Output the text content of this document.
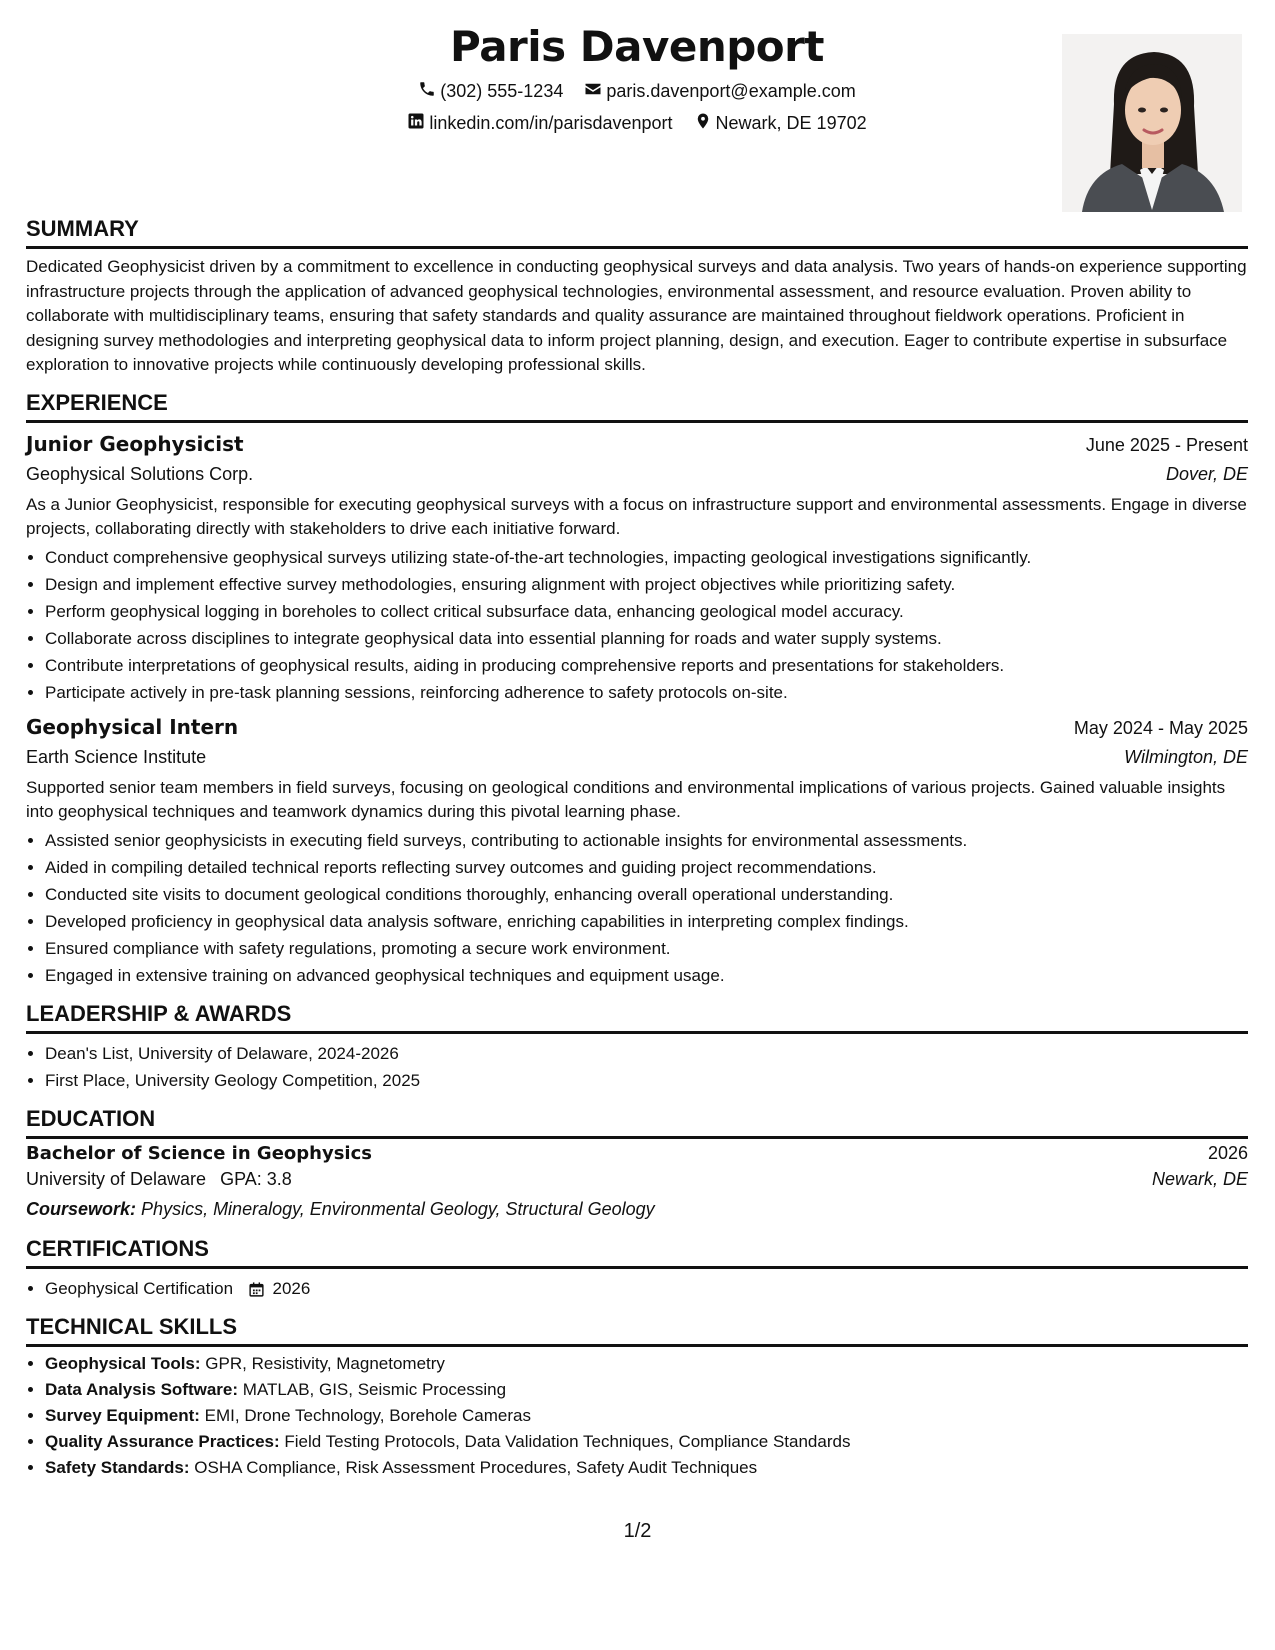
Paris Davenport
(302) 555-1234
paris.davenport@example.com
linkedin.com/in/parisdavenport
Newark, DE 19702
SUMMARY

Dedicated Geophysicist driven by a commitment to excellence in conducting geophysical surveys and data analysis. Two years of hands-on experience supporting infrastructure projects through the application of advanced geophysical technologies, environmental assessment, and resource evaluation. Proven ability to collaborate with multidisciplinary teams, ensuring that safety standards and quality assurance are maintained throughout fieldwork operations. Proficient in designing survey methodologies and interpreting geophysical data to inform project planning, design, and execution. Eager to contribute expertise in subsurface exploration to innovative projects while continuously developing professional skills.

EXPERIENCE
Junior Geophysicist	June 2025 - Present
Geophysical Solutions Corp.	Dover, DE

As a Junior Geophysicist, responsible for executing geophysical surveys with a focus on infrastructure support and environmental assessments. Engage in diverse projects, collaborating directly with stakeholders to drive each initiative forward.

• Conduct comprehensive geophysical surveys utilizing state-of-the-art technologies, impacting geological investigations significantly.
• Design and implement effective survey methodologies, ensuring alignment with project objectives while prioritizing safety.
• Perform geophysical logging in boreholes to collect critical subsurface data, enhancing geological model accuracy.
• Collaborate across disciplines to integrate geophysical data into essential planning for roads and water supply systems.
• Contribute interpretations of geophysical results, aiding in producing comprehensive reports and presentations for stakeholders.
• Participate actively in pre-task planning sessions, reinforcing adherence to safety protocols on-site.
Geophysical Intern	May 2024 - May 2025
Earth Science Institute	Wilmington, DE

Supported senior team members in field surveys, focusing on geological conditions and environmental implications of various projects. Gained valuable insights into geophysical techniques and teamwork dynamics during this pivotal learning phase.

• Assisted senior geophysicists in executing field surveys, contributing to actionable insights for environmental assessments.
• Aided in compiling detailed technical reports reflecting survey outcomes and guiding project recommendations.
• Conducted site visits to document geological conditions thoroughly, enhancing overall operational understanding.
• Developed proficiency in geophysical data analysis software, enriching capabilities in interpreting complex findings.
• Ensured compliance with safety regulations, promoting a secure work environment.
• Engaged in extensive training on advanced geophysical techniques and equipment usage.
LEADERSHIP & AWARDS
• Dean's List, University of Delaware, 2024-2026
• First Place, University Geology Competition, 2025
EDUCATION
Bachelor of Science in Geophysics	2026
University of Delaware GPA: 3.8	Newark, DE
Coursework: Physics, Mineralogy, Environmental Geology, Structural Geology
CERTIFICATIONS
• Geophysical Certification 2026
TECHNICAL SKILLS
• Geophysical Tools: GPR, Resistivity, Magnetometry
• Data Analysis Software: MATLAB, GIS, Seismic Processing
• Survey Equipment: EMI, Drone Technology, Borehole Cameras
• Quality Assurance Practices: Field Testing Protocols, Data Validation Techniques, Compliance Standards
• Safety Standards: OSHA Compliance, Risk Assessment Procedures, Safety Audit Techniques
1/2
